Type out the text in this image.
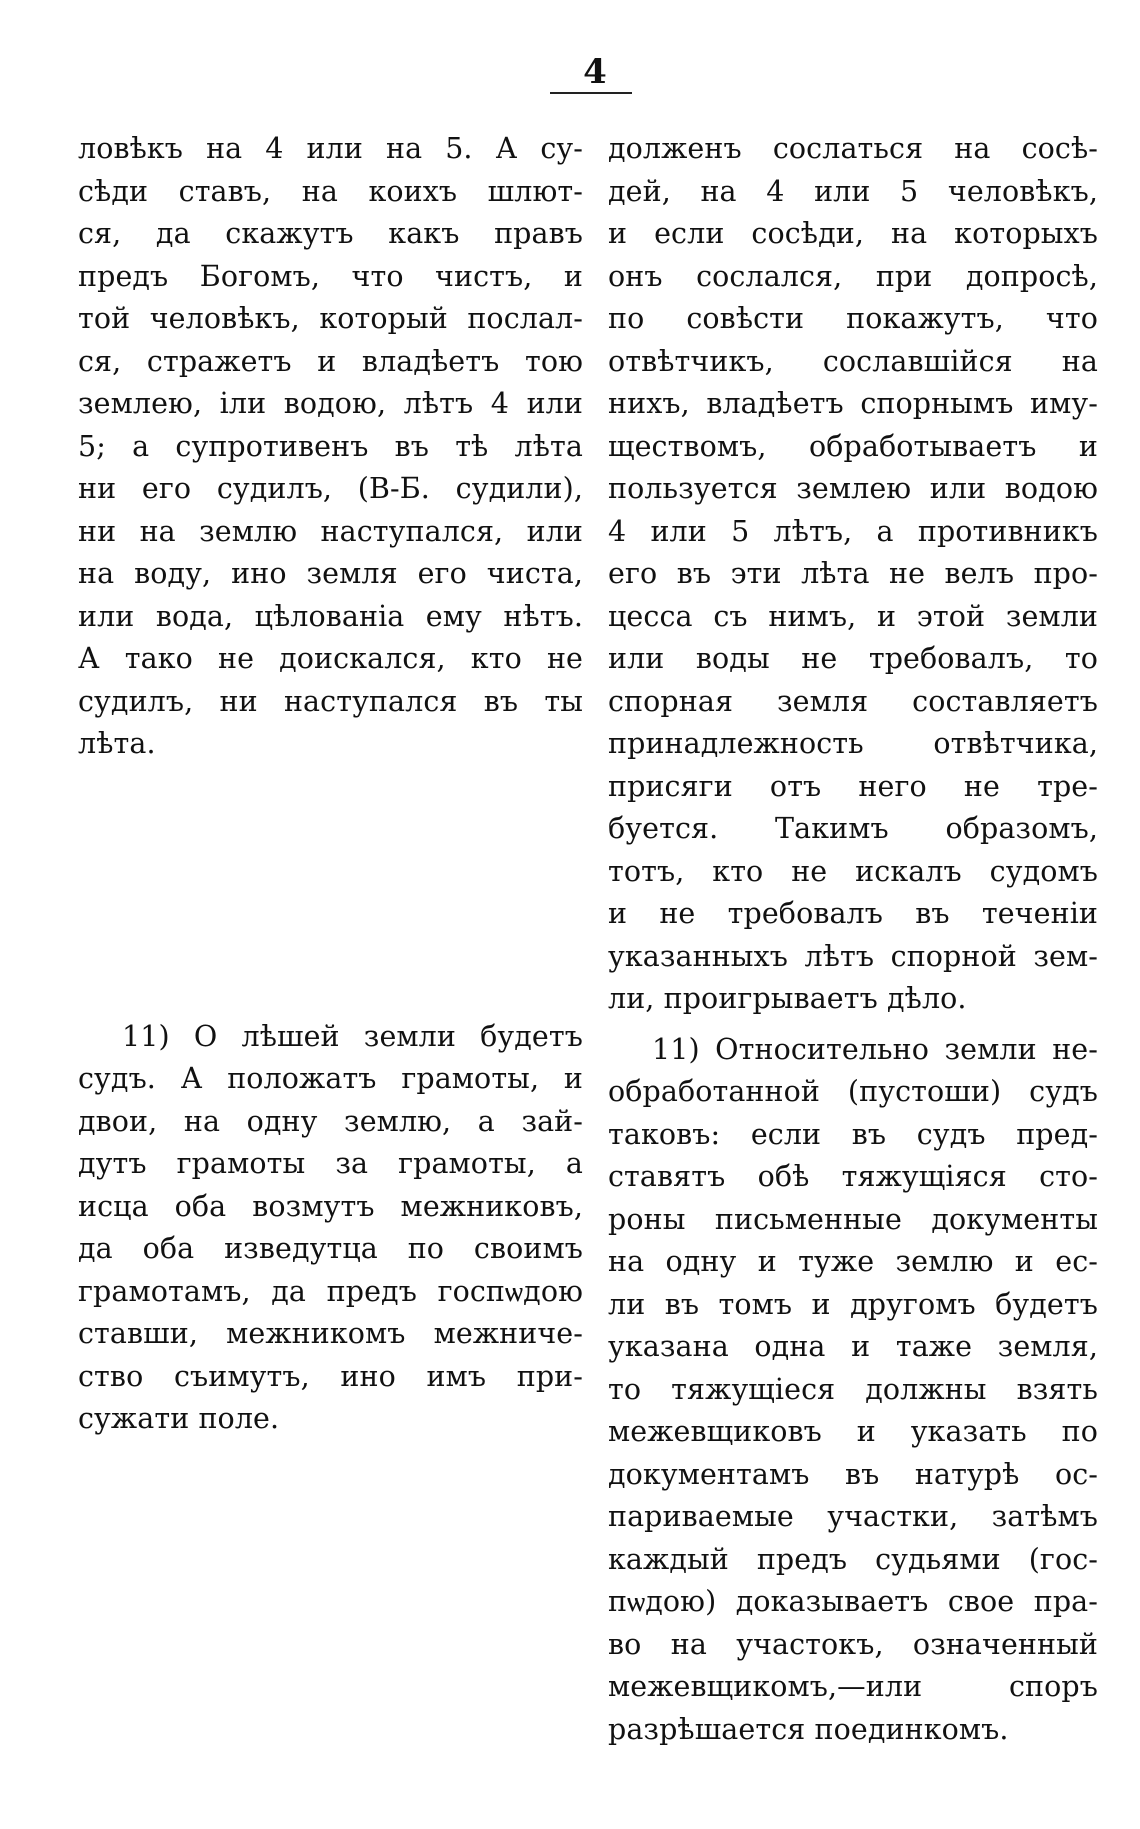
4
ловѣкъ на 4 или на 5. А су-
сѣди ставъ, на коихъ шлют-
ся, да скажутъ какъ правъ
предъ Богомъ, что чистъ, и
той человѣкъ, который послал-
ся, стражетъ и владѣетъ тою
землею, іли водою, лѣтъ 4 или
5; а супротивенъ въ тѣ лѣта
ни его судилъ, (В-Б. судили),
ни на землю наступался, или
на воду, ино земля его чиста,
или вода, цѣлованіа ему нѣтъ.
А тако не доискался, кто не
судилъ, ни наступался въ ты
лѣта.
11) О лѣшей земли будетъ
судъ. А положатъ грамоты, и
двои, на одну землю, а зай-
дутъ грамоты за грамоты, а
исца оба возмутъ межниковъ,
да оба изведутца по своимъ
грамотамъ, да предъ госпѡдою
ставши, межникомъ межниче-
ство съимутъ, ино имъ при-
сужати поле.
долженъ сослаться на сосѣ-
дей, на 4 или 5 человѣкъ,
и если сосѣди, на которыхъ
онъ сослался, при допросѣ,
по совѣсти покажутъ, что
отвѣтчикъ, сославшійся на
нихъ, владѣетъ спорнымъ иму-
ществомъ, обработываетъ и
пользуется землею или водою
4 или 5 лѣтъ, а противникъ
его въ эти лѣта не велъ про-
цесса съ нимъ, и этой земли
или воды не требовалъ, то
спорная земля составляетъ
принадлежность отвѣтчика,
присяги отъ него не тре-
буется. Такимъ образомъ,
тотъ, кто не искалъ судомъ
и не требовалъ въ теченіи
указанныхъ лѣтъ спорной зем-
ли, проигрываетъ дѣло.
11) Относительно земли не-
обработанной (пустоши) судъ
таковъ: если въ судъ пред-
ставятъ обѣ тяжущіяся сто-
роны письменные документы
на одну и туже землю и ес-
ли въ томъ и другомъ будетъ
указана одна и таже земля,
то тяжущіеся должны взять
межевщиковъ и указать по
документамъ въ натурѣ ос-
париваемые участки, затѣмъ
каждый предъ судьями (гос-
пѡдою) доказываетъ свое пра-
во на участокъ, означенный
межевщикомъ,—или споръ
разрѣшается поединкомъ.
